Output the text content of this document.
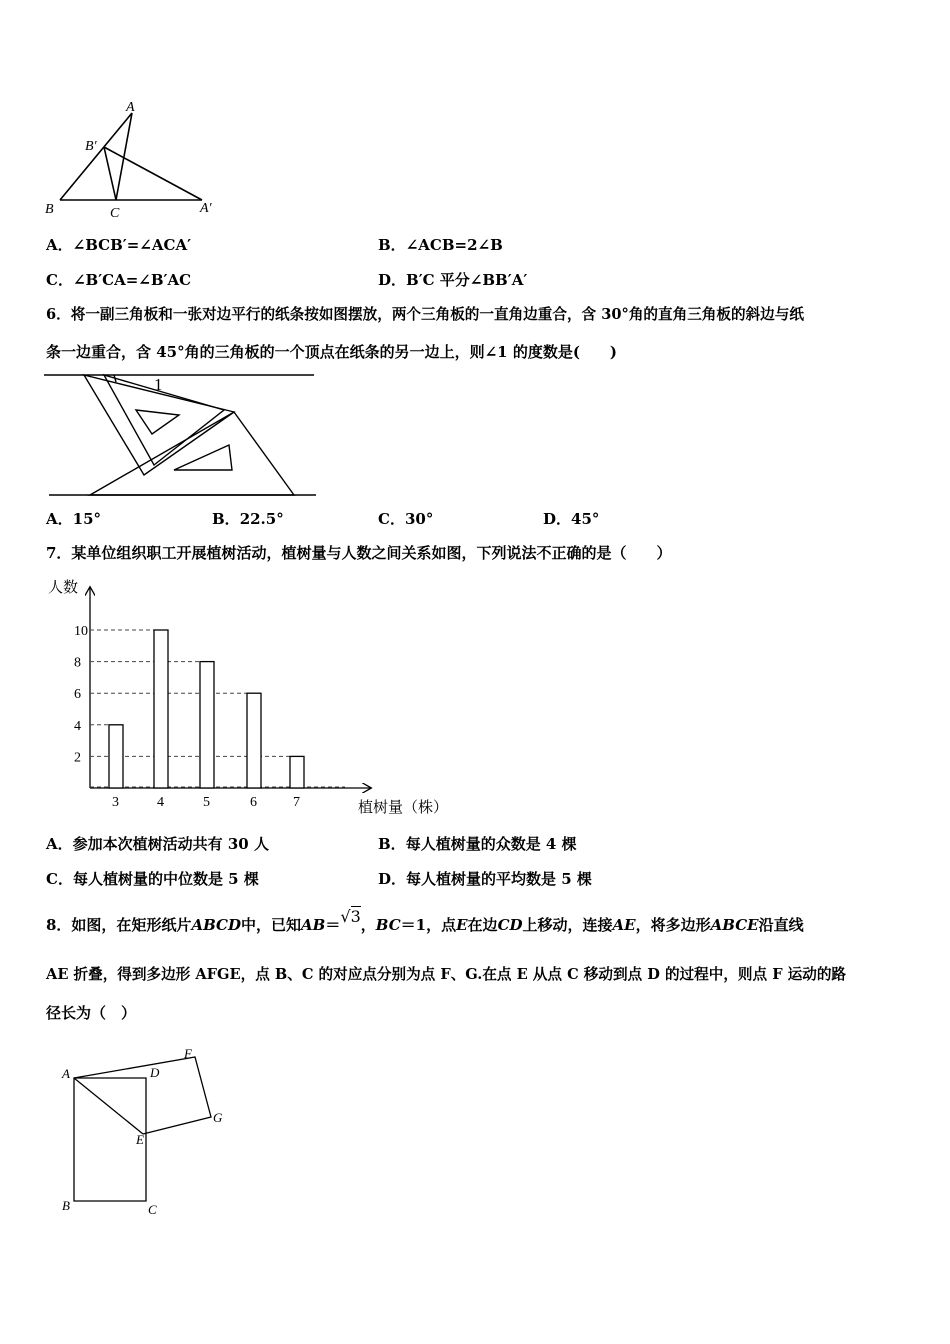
A
B′
B	C	A′
A．∠BCB′=∠ACA′	B．∠ACB=2∠B
C．∠B′CA=∠B′AC	D．B′C 平分∠BB′A′
6．将一副三角板和一张对边平行的纸条按如图摆放，两个三角板的一直角边重合，含 30°角的直角三角板的斜边与纸
条一边重合，含 45°角的三角板的一个顶点在纸条的另一边上，则∠1 的度数是(　　)
1
A．15°	B．22.5°	C．30°	D．45°
7．某单位组织职工开展植树活动，植树量与人数之间关系如图，下列说法不正确的是（　　）
人数
植树量（株）
2
4
6
8
10
3	4	5	6	7
A．参加本次植树活动共有 30 人	B．每人植树量的众数是 4 棵
C．每人植树量的中位数是 5 棵	D．每人植树量的平均数是 5 棵
8．如图，在矩形纸片ABCD中，已知AB＝√3，BC＝1，点E在边CD上移动，连接AE，将多边形ABCE沿直线
AE 折叠，得到多边形 AFGE，点 B、C 的对应点分别为点 F、G.在点 E 从点 C 移动到点 D 的过程中，则点 F 运动的路
径长为（　）
A	D
F
G
E
B	C
